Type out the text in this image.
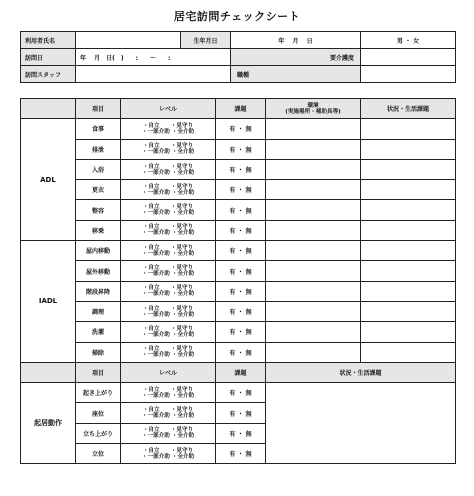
居宅訪問チェックシート
利用者氏名		生年月日	年　 月　 日	男 ・ 女
訪問日	年　 月　日(　)　　:　　～　　:		要介護度	
訪問スタッフ			職種	
	項目	レベル	課題	環境
(実施場所・補助具等)	状況・生活課題
ADL	食事	・自立　　・見守り
・一部介助 ・全介助	有 ・ 無		
	排泄	・自立　　・見守り
・一部介助 ・全介助	有 ・ 無		
	入浴	・自立　　・見守り
・一部介助 ・全介助	有 ・ 無		
	更衣	・自立　　・見守り
・一部介助 ・全介助	有 ・ 無		
	整容	・自立　　・見守り
・一部介助 ・全介助	有 ・ 無		
	移乗	・自立　　・見守り
・一部介助 ・全介助	有 ・ 無		
IADL	屋内移動	・自立　　・見守り
・一部介助 ・全介助	有 ・ 無		
	屋外移動	・自立　　・見守り
・一部介助 ・全介助	有 ・ 無		
	階段昇降	・自立　　・見守り
・一部介助 ・全介助	有 ・ 無		
	調理	・自立　　・見守り
・一部介助 ・全介助	有 ・ 無		
	洗濯	・自立　　・見守り
・一部介助 ・全介助	有 ・ 無		
	掃除	・自立　　・見守り
・一部介助 ・全介助	有 ・ 無		
	項目	レベル	課題	状況・生活課題	
起居動作	起き上がり	・自立　　・見守り
・一部介助 ・全介助	有 ・ 無		
	座位	・自立　　・見守り
・一部介助 ・全介助	有 ・ 無		
	立ち上がり	・自立　　・見守り
・一部介助 ・全介助	有 ・ 無		
	立位	・自立　　・見守り
・一部介助 ・全介助	有 ・ 無		
